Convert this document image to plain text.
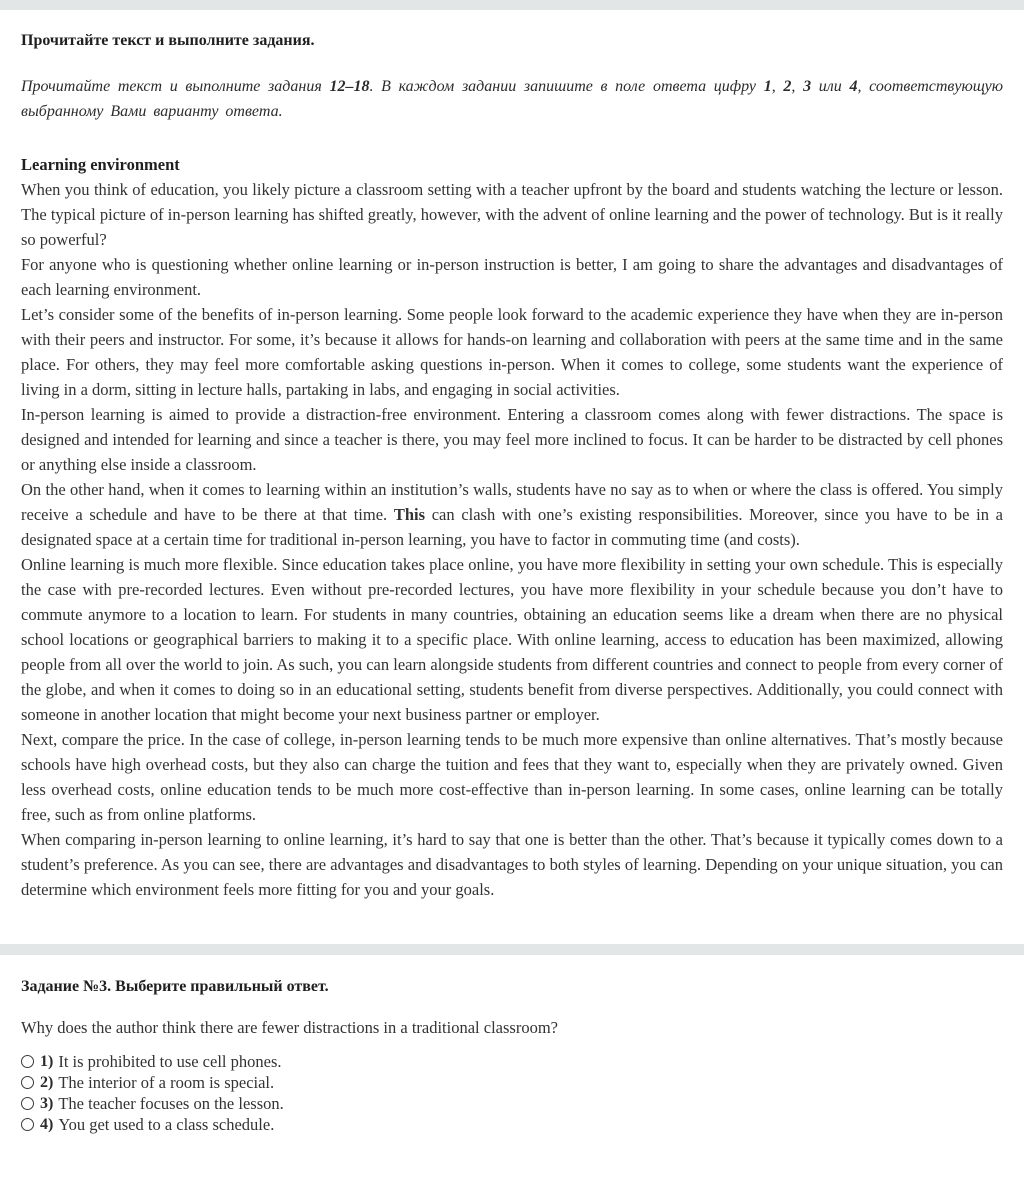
Прочитайте текст и выполните задания.

Прочитайте текст и выполните задания 12–18. В каждом задании запишите в поле ответа цифру 1, 2, 3 или 4, соответствующую выбранному Вами варианту ответа.

Learning environment

When you think of education, you likely picture a classroom setting with a teacher upfront by the board and students watching the lecture or lesson. The typical picture of in-person learning has shifted greatly, however, with the advent of online learning and the power of technology. But is it really so powerful?

For anyone who is questioning whether online learning or in-person instruction is better, I am going to share the advantages and disadvantages of each learning environment.

Let’s consider some of the benefits of in-person learning. Some people look forward to the academic experience they have when they are in-person with their peers and instructor. For some, it’s because it allows for hands-on learning and collaboration with peers at the same time and in the same place. For others, they may feel more comfortable asking questions in-person. When it comes to college, some students want the experience of living in a dorm, sitting in lecture halls, partaking in labs, and engaging in social activities.

In-person learning is aimed to provide a distraction-free environment. Entering a classroom comes along with fewer distractions. The space is designed and intended for learning and since a teacher is there, you may feel more inclined to focus. It can be harder to be distracted by cell phones or anything else inside a classroom.

On the other hand, when it comes to learning within an institution’s walls, students have no say as to when or where the class is offered. You simply receive a schedule and have to be there at that time. This can clash with one’s existing responsibilities. Moreover, since you have to be in a designated space at a certain time for traditional in-person learning, you have to factor in commuting time (and costs).

Online learning is much more flexible. Since education takes place online, you have more flexibility in setting your own schedule. This is especially the case with pre-recorded lectures. Even without pre-recorded lectures, you have more flexibility in your schedule because you don’t have to commute anymore to a location to learn. For students in many countries, obtaining an education seems like a dream when there are no physical school locations or geographical barriers to making it to a specific place. With online learning, access to education has been maximized, allowing people from all over the world to join. As such, you can learn alongside students from different countries and connect to people from every corner of the globe, and when it comes to doing so in an educational setting, students benefit from diverse perspectives. Additionally, you could connect with someone in another location that might become your next business partner or employer.

Next, compare the price. In the case of college, in-person learning tends to be much more expensive than online alternatives. That’s mostly because schools have high overhead costs, but they also can charge the tuition and fees that they want to, especially when they are privately owned. Given less overhead costs, online education tends to be much more cost-effective than in-person learning. In some cases, online learning can be totally free, such as from online platforms.

When comparing in-person learning to online learning, it’s hard to say that one is better than the other. That’s because it typically comes down to a student’s preference. As you can see, there are advantages and disadvantages to both styles of learning. Depending on your unique situation, you can determine which environment feels more fitting for you and your goals.

Задание №3. Выберите правильный ответ.

Why does the author think there are fewer distractions in a traditional classroom?

1) It is prohibited to use cell phones.
2) The interior of a room is special.
3) The teacher focuses on the lesson.
4) You get used to a class schedule.
